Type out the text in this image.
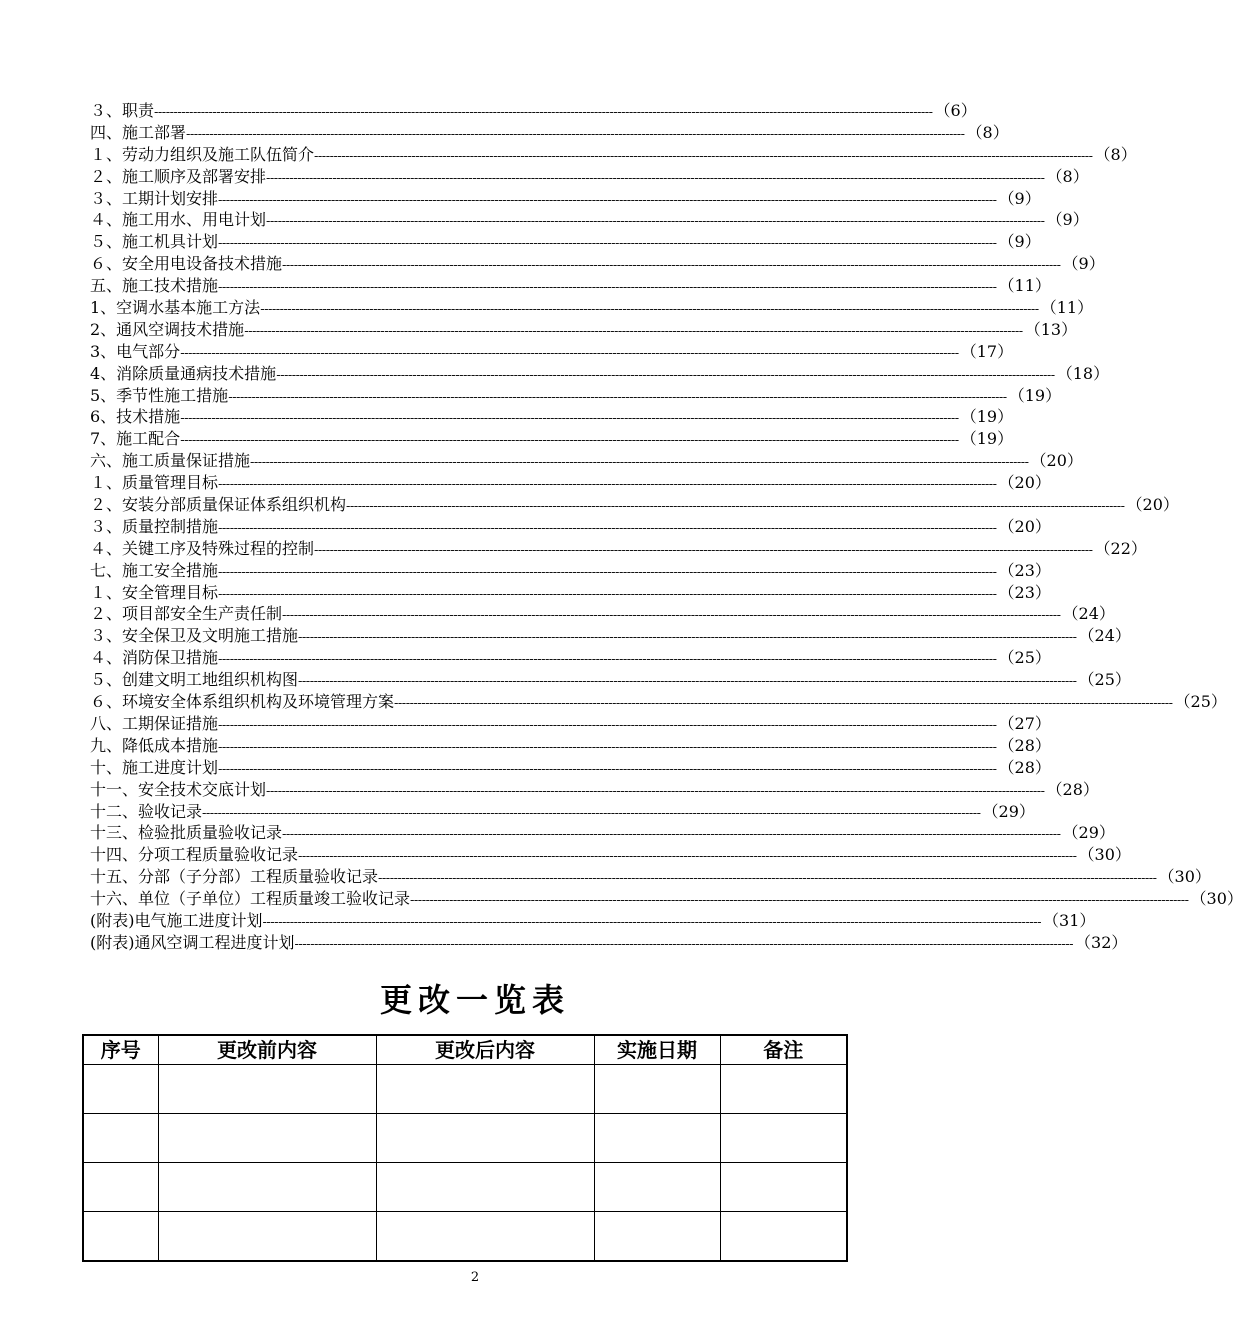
３、职责 -------------------------------------------------------------------------------------------------------------------------------------------------------------------------------------------------------- （6）
四、施工部署 -------------------------------------------------------------------------------------------------------------------------------------------------------------------------------------------------------- （8）
１、劳动力组织及施工队伍简介 -------------------------------------------------------------------------------------------------------------------------------------------------------------------------------------------------------- （8）
２、施工顺序及部署安排 -------------------------------------------------------------------------------------------------------------------------------------------------------------------------------------------------------- （8）
３、工期计划安排 -------------------------------------------------------------------------------------------------------------------------------------------------------------------------------------------------------- （9）
４、施工用水、用电计划 -------------------------------------------------------------------------------------------------------------------------------------------------------------------------------------------------------- （9）
５、施工机具计划 -------------------------------------------------------------------------------------------------------------------------------------------------------------------------------------------------------- （9）
６、安全用电设备技术措施 -------------------------------------------------------------------------------------------------------------------------------------------------------------------------------------------------------- （9）
五、施工技术措施 -------------------------------------------------------------------------------------------------------------------------------------------------------------------------------------------------------- （11）
1、空调水基本施工方法 -------------------------------------------------------------------------------------------------------------------------------------------------------------------------------------------------------- （11）
2、通风空调技术措施 -------------------------------------------------------------------------------------------------------------------------------------------------------------------------------------------------------- （13）
3、电气部分 -------------------------------------------------------------------------------------------------------------------------------------------------------------------------------------------------------- （17）
4、消除质量通病技术措施 -------------------------------------------------------------------------------------------------------------------------------------------------------------------------------------------------------- （18）
5、季节性施工措施 -------------------------------------------------------------------------------------------------------------------------------------------------------------------------------------------------------- （19）
6、技术措施 -------------------------------------------------------------------------------------------------------------------------------------------------------------------------------------------------------- （19）
7、施工配合 -------------------------------------------------------------------------------------------------------------------------------------------------------------------------------------------------------- （19）
六、施工质量保证措施 -------------------------------------------------------------------------------------------------------------------------------------------------------------------------------------------------------- （20）
１、质量管理目标 -------------------------------------------------------------------------------------------------------------------------------------------------------------------------------------------------------- （20）
２、安装分部质量保证体系组织机构 -------------------------------------------------------------------------------------------------------------------------------------------------------------------------------------------------------- （20）
３、质量控制措施 -------------------------------------------------------------------------------------------------------------------------------------------------------------------------------------------------------- （20）
４、关键工序及特殊过程的控制 -------------------------------------------------------------------------------------------------------------------------------------------------------------------------------------------------------- （22）
七、施工安全措施 -------------------------------------------------------------------------------------------------------------------------------------------------------------------------------------------------------- （23）
１、安全管理目标 -------------------------------------------------------------------------------------------------------------------------------------------------------------------------------------------------------- （23）
２、项目部安全生产责任制 -------------------------------------------------------------------------------------------------------------------------------------------------------------------------------------------------------- （24）
３、安全保卫及文明施工措施 -------------------------------------------------------------------------------------------------------------------------------------------------------------------------------------------------------- （24）
４、消防保卫措施 -------------------------------------------------------------------------------------------------------------------------------------------------------------------------------------------------------- （25）
５、创建文明工地组织机构图 -------------------------------------------------------------------------------------------------------------------------------------------------------------------------------------------------------- （25）
６、环境安全体系组织机构及环境管理方案 -------------------------------------------------------------------------------------------------------------------------------------------------------------------------------------------------------- （25）
八、工期保证措施 -------------------------------------------------------------------------------------------------------------------------------------------------------------------------------------------------------- （27）
九、降低成本措施 -------------------------------------------------------------------------------------------------------------------------------------------------------------------------------------------------------- （28）
十、施工进度计划 -------------------------------------------------------------------------------------------------------------------------------------------------------------------------------------------------------- （28）
十一、安全技术交底计划 -------------------------------------------------------------------------------------------------------------------------------------------------------------------------------------------------------- （28）
十二、验收记录 -------------------------------------------------------------------------------------------------------------------------------------------------------------------------------------------------------- （29）
十三、检验批质量验收记录 -------------------------------------------------------------------------------------------------------------------------------------------------------------------------------------------------------- （29）
十四、分项工程质量验收记录 -------------------------------------------------------------------------------------------------------------------------------------------------------------------------------------------------------- （30）
十五、分部（子分部）工程质量验收记录 -------------------------------------------------------------------------------------------------------------------------------------------------------------------------------------------------------- （30）
十六、单位（子单位）工程质量竣工验收记录 -------------------------------------------------------------------------------------------------------------------------------------------------------------------------------------------------------- （30）
(附表)电气施工进度计划 -------------------------------------------------------------------------------------------------------------------------------------------------------------------------------------------------------- （31）
(附表)通风空调工程进度计划 -------------------------------------------------------------------------------------------------------------------------------------------------------------------------------------------------------- （32）
更改一览表
序号	更改前内容	更改后内容	实施日期	备注

2
